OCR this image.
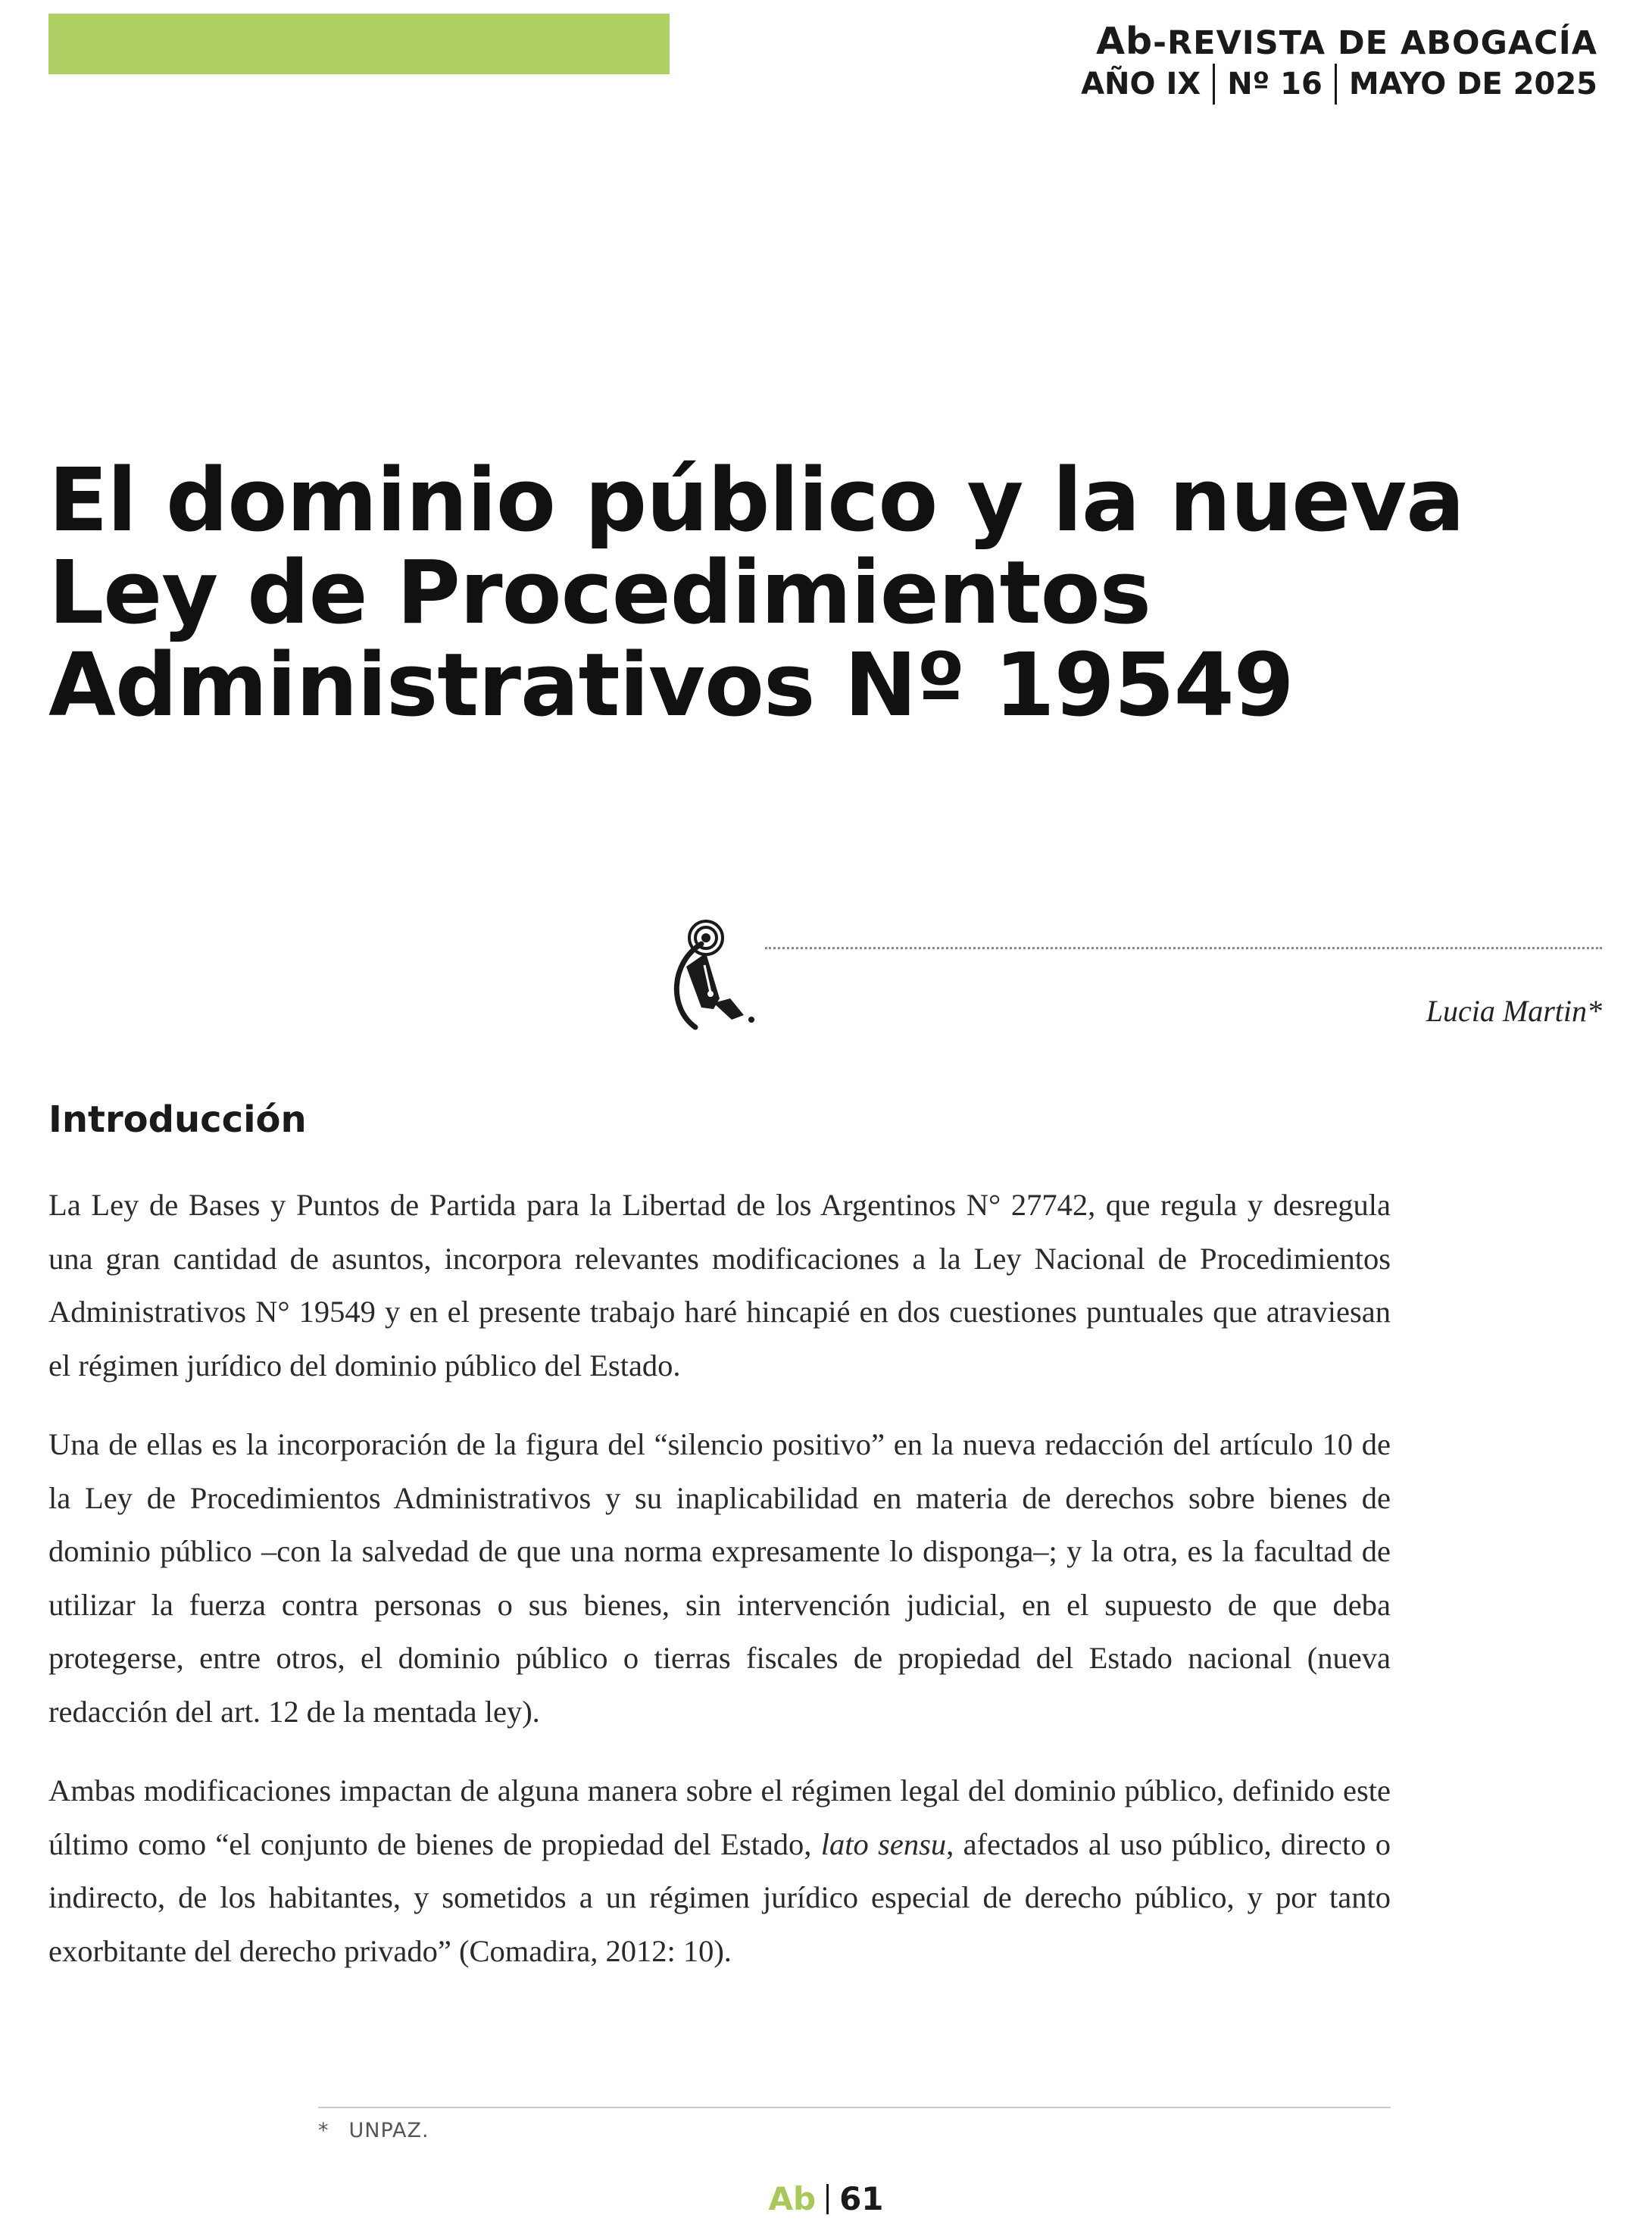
Ab-REVISTA DE ABOGACÍA
AÑO IX Nº 16 MAYO DE 2025
El dominio público y la nueva
Ley de Procedimientos
Administrativos Nº 19549
Lucia Martin*
Introducción

La Ley de Bases y Puntos de Partida para la Libertad de los Argentinos N° 27742, que regula y desregula una gran cantidad de asuntos, incorpora relevantes modificaciones a la Ley Nacional de Procedimientos Administrativos N° 19549 y en el presente trabajo haré hincapié en dos cuestiones puntuales que atraviesan el régimen jurídico del dominio público del Estado.

Una de ellas es la incorporación de la figura del “silencio positivo” en la nueva redacción del artículo 10 de la Ley de Procedimientos Administrativos y su inaplicabilidad en materia de derechos sobre bienes de dominio público –con la salvedad de que una norma expresamente lo disponga–; y la otra, es la facultad de utilizar la fuerza contra personas o sus bienes, sin intervención judicial, en el supuesto de que deba protegerse, entre otros, el dominio público o tierras fiscales de propiedad del Estado nacional (nueva redacción del art. 12 de la mentada ley).

Ambas modificaciones impactan de alguna manera sobre el régimen legal del dominio público, definido este último como “el conjunto de bienes de propiedad del Estado, lato sensu, afectados al uso público, directo o indirecto, de los habitantes, y sometidos a un régimen jurídico especial de derecho público, y por tanto exorbitante del derecho privado” (Comadira, 2012: 10).

* UNPAZ.
Ab 61
